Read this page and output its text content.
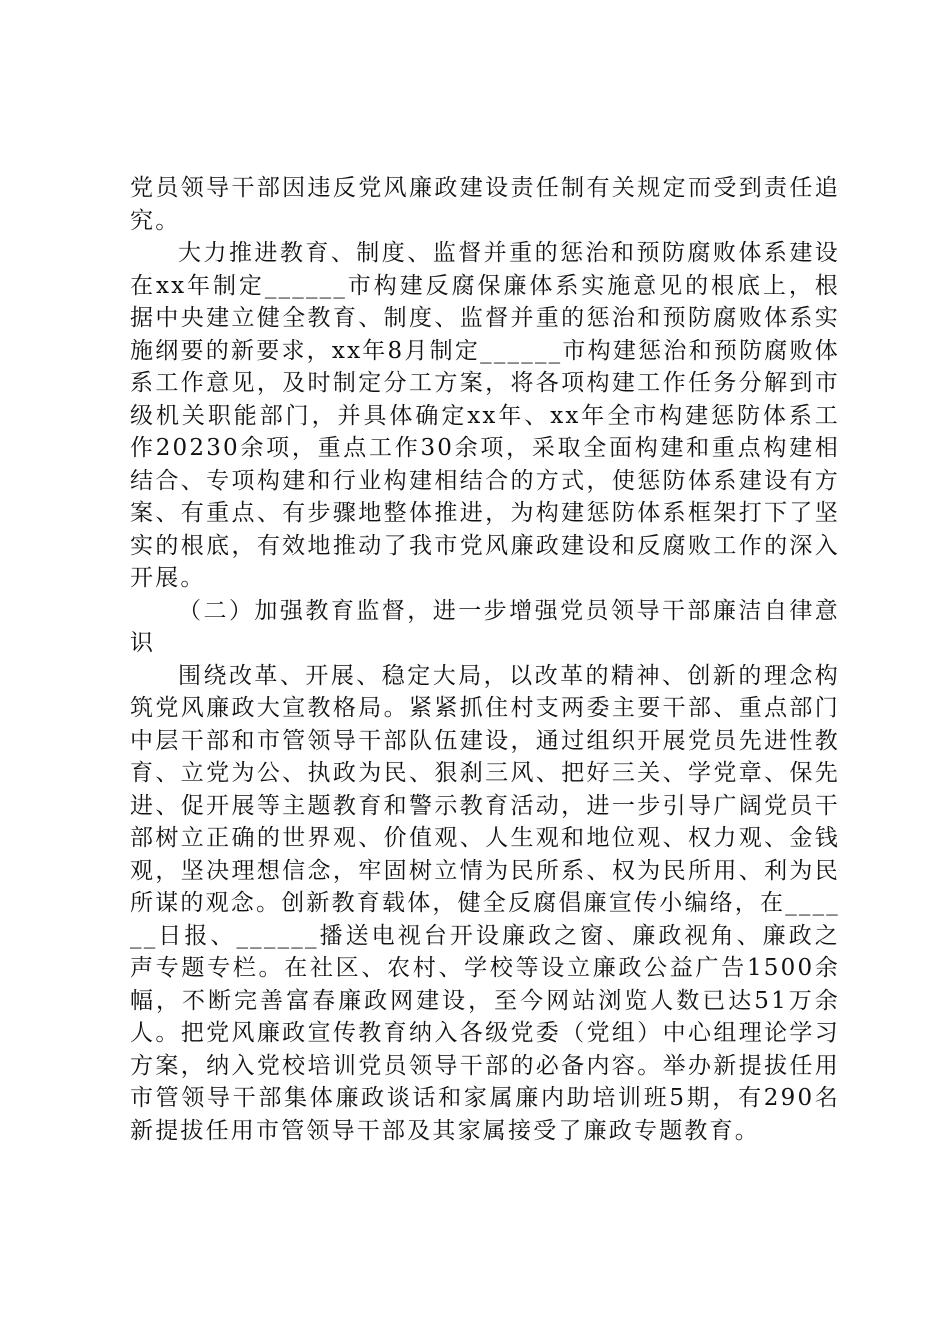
党员领导干部因违反党风廉政建设责任制有关规定而受到责任追究。

大力推进教育、制度、监督并重的惩治和预防腐败体系建设在xx年制定______市构建反腐保廉体系实施意见的根底上，根据中央建立健全教育、制度、监督并重的惩治和预防腐败体系实施纲要的新要求，xx年8月制定______市构建惩治和预防腐败体系工作意见，及时制定分工方案，将各项构建工作任务分解到市级机关职能部门，并具体确定xx年、xx年全市构建惩防体系工作20230余项，重点工作30余项，采取全面构建和重点构建相结合、专项构建和行业构建相结合的方式，使惩防体系建设有方案、有重点、有步骤地整体推进，为构建惩防体系框架打下了坚实的根底，有效地推动了我市党风廉政建设和反腐败工作的深入开展。

（二）加强教育监督，进一步增强党员领导干部廉洁自律意识

围绕改革、开展、稳定大局，以改革的精神、创新的理念构筑党风廉政大宣教格局。紧紧抓住村支两委主要干部、重点部门中层干部和市管领导干部队伍建设，通过组织开展党员先进性教育、立党为公、执政为民、狠刹三风、把好三关、学党章、保先进、促开展等主题教育和警示教育活动，进一步引导广阔党员干部树立正确的世界观、价值观、人生观和地位观、权力观、金钱观，坚决理想信念，牢固树立情为民所系、权为民所用、利为民所谋的观念。创新教育载体，健全反腐倡廉宣传小编络，在______日报、______播送电视台开设廉政之窗、廉政视角、廉政之声专题专栏。在社区、农村、学校等设立廉政公益广告1500余幅，不断完善富春廉政网建设，至今网站浏览人数已达51万余人。把党风廉政宣传教育纳入各级党委（党组）中心组理论学习方案，纳入党校培训党员领导干部的必备内容。举办新提拔任用市管领导干部集体廉政谈话和家属廉内助培训班5期，有290名新提拔任用市管领导干部及其家属接受了廉政专题教育。
